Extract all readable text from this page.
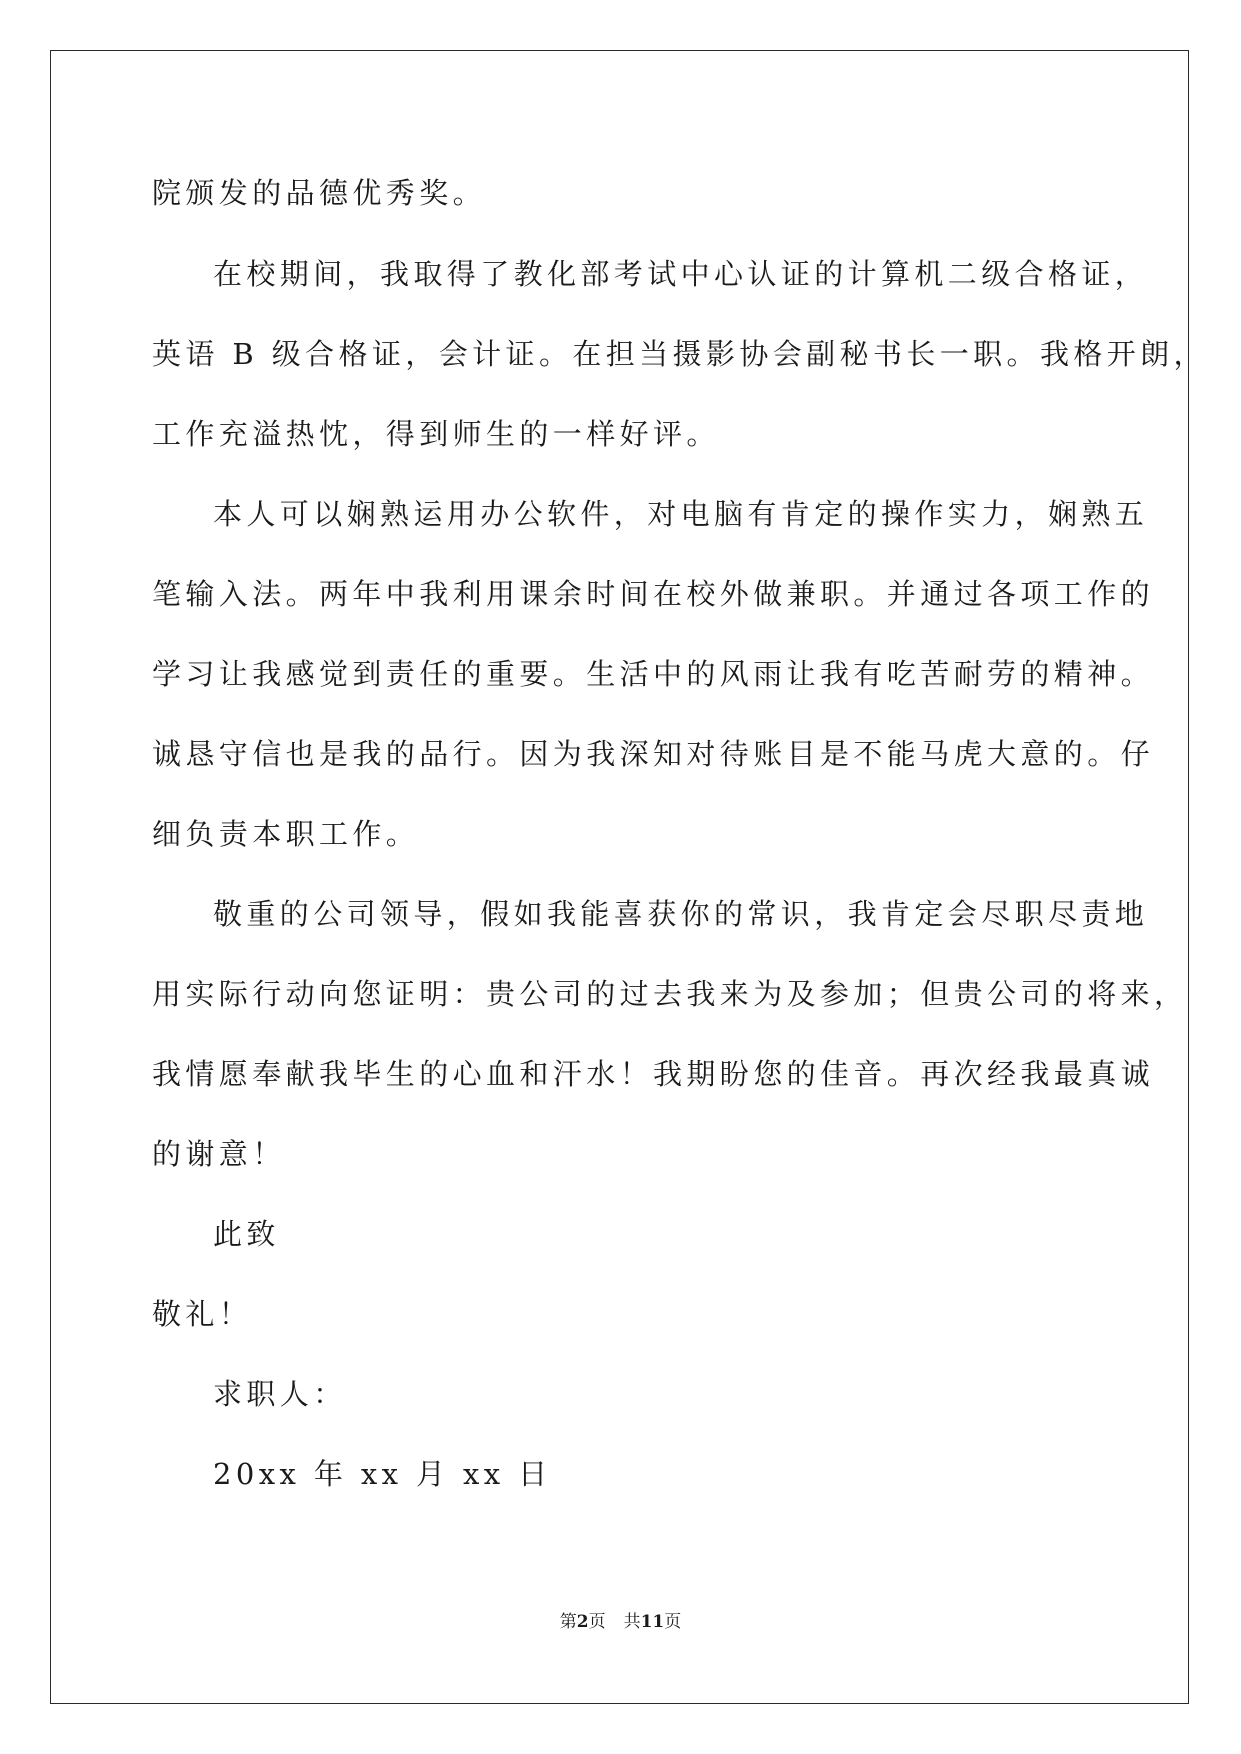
院颁发的品德优秀奖。
在校期间，我取得了教化部考试中心认证的计算机二级合格证，
英语 B 级合格证，会计证。在担当摄影协会副秘书长一职。我格开朗，
工作充溢热忱，得到师生的一样好评。
本人可以娴熟运用办公软件，对电脑有肯定的操作实力，娴熟五
笔输入法。两年中我利用课余时间在校外做兼职。并通过各项工作的
学习让我感觉到责任的重要。生活中的风雨让我有吃苦耐劳的精神。
诚恳守信也是我的品行。因为我深知对待账目是不能马虎大意的。仔
细负责本职工作。
敬重的公司领导，假如我能喜获你的常识，我肯定会尽职尽责地
用实际行动向您证明：贵公司的过去我来为及参加；但贵公司的将来，
我情愿奉献我毕生的心血和汗水！我期盼您的佳音。再次经我最真诚
的谢意！
此致
敬礼！
求职人：
20xx 年 xx 月 xx 日
第2页 共11页
